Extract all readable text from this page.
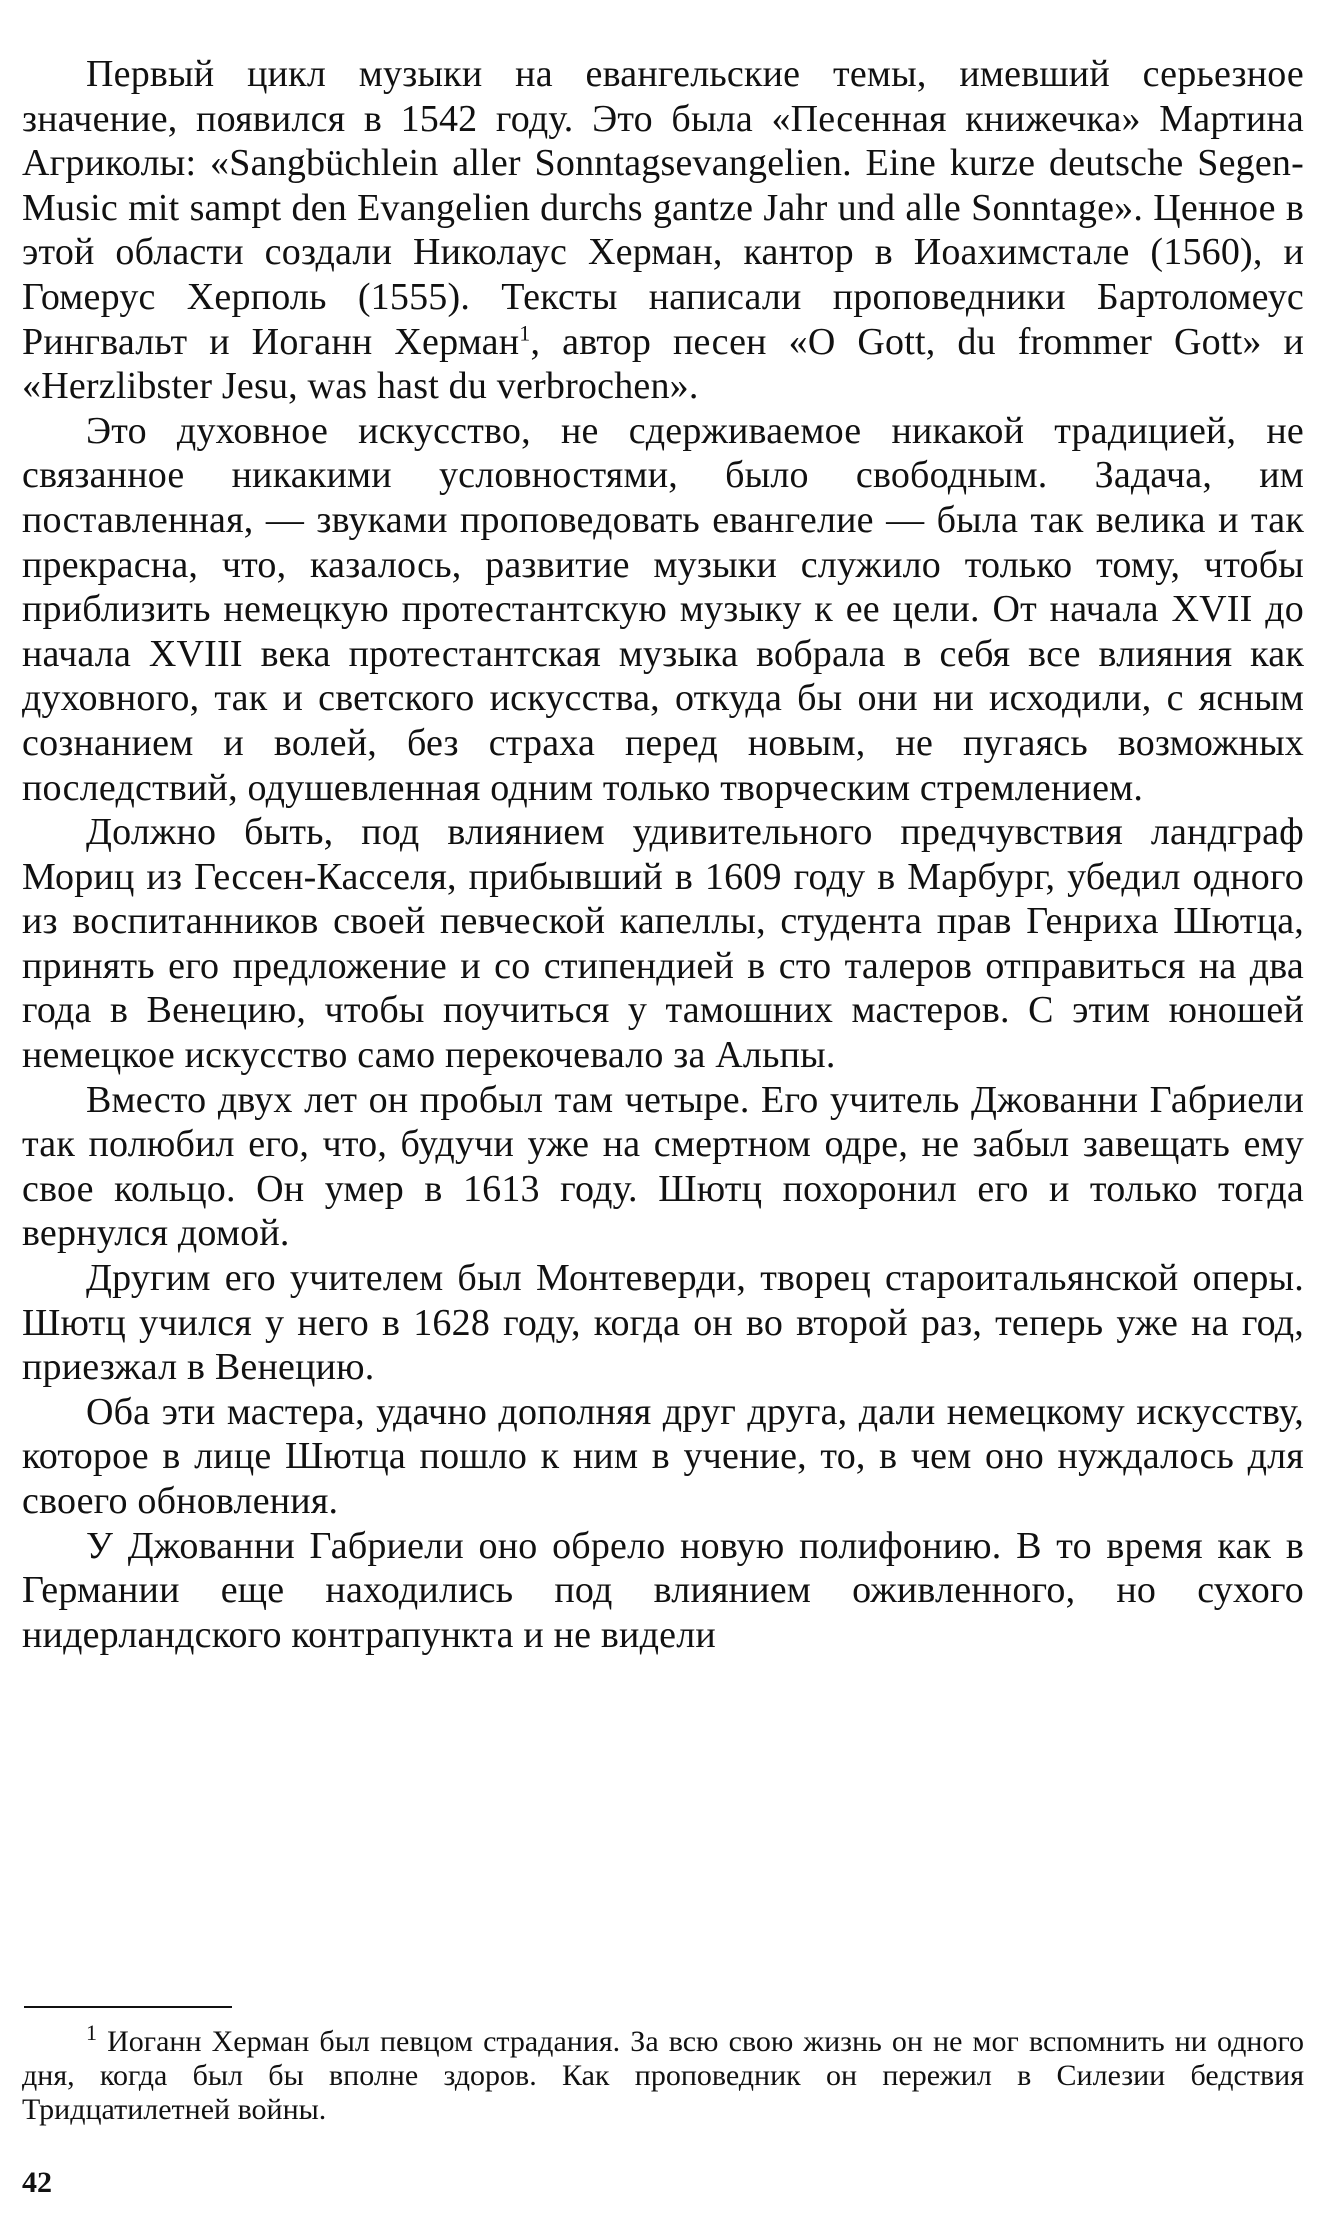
Первый цикл музыки на евангельские темы, имевший серьезное значение, появился в 1542 году. Это была «Песенная книжечка» Мартина Агриколы: «Sangbüchlein aller Sonntagsevangelien. Eine kurze deutsche Segen-Music mit sampt den Evangelien durchs gantze Jahr und alle Sonntage». Ценное в этой области создали Николаус Херман, кантор в Иоахимстале (1560), и Гомерус Херполь (1555). Тексты написали проповедники Бартоломеус Рингвальт и Иоганн Херман$^1$, автор песен «O Gott, du frommer Gott» и «Herzlibster Jesu, was hast du verbrochen».

Это духовное искусство, не сдерживаемое никакой традицией, не связанное никакими условностями, было свободным. Задача, им поставленная, — звуками проповедовать евангелие — была так велика и так прекрасна, что, казалось, развитие музыки служило только тому, чтобы приблизить немецкую протестантскую музыку к ее цели. От начала XVII до начала XVIII века протестантская музыка вобрала в себя все влияния как духовного, так и светского искусства, откуда бы они ни исходили, с ясным сознанием и волей, без страха перед новым, не пугаясь возможных последствий, одушевленная одним только творческим стремлением.

Должно быть, под влиянием удивительного предчувствия ландграф Мориц из Гессен-Касселя, прибывший в 1609 году в Марбург, убедил одного из воспитанников своей певческой капеллы, студента прав Генриха Шютца, принять его предложение и со стипендией в сто талеров отправиться на два года в Венецию, чтобы поучиться у тамошних мастеров. С этим юношей немецкое искусство само перекочевало за Альпы.

Вместо двух лет он пробыл там четыре. Его учитель Джованни Габриели так полюбил его, что, будучи уже на смертном одре, не забыл завещать ему свое кольцо. Он умер в 1613 году. Шютц похоронил его и только тогда вернулся домой.

Другим его учителем был Монтеверди, творец староитальянской оперы. Шютц учился у него в 1628 году, когда он во второй раз, теперь уже на год, приезжал в Венецию.

Оба эти мастера, удачно дополняя друг друга, дали немецкому искусству, которое в лице Шютца пошло к ним в учение, то, в чем оно нуждалось для своего обновления.

У Джованни Габриели оно обрело новую полифонию. В то время как в Германии еще находились под влиянием оживленного, но сухого нидерландского контрапункта и не видели

$^1$ Иоганн Херман был певцом страдания. За всю свою жизнь он не мог вспомнить ни одного дня, когда был бы вполне здоров. Как проповедник он пережил в Силезии бедствия Тридцатилетней войны.

42
